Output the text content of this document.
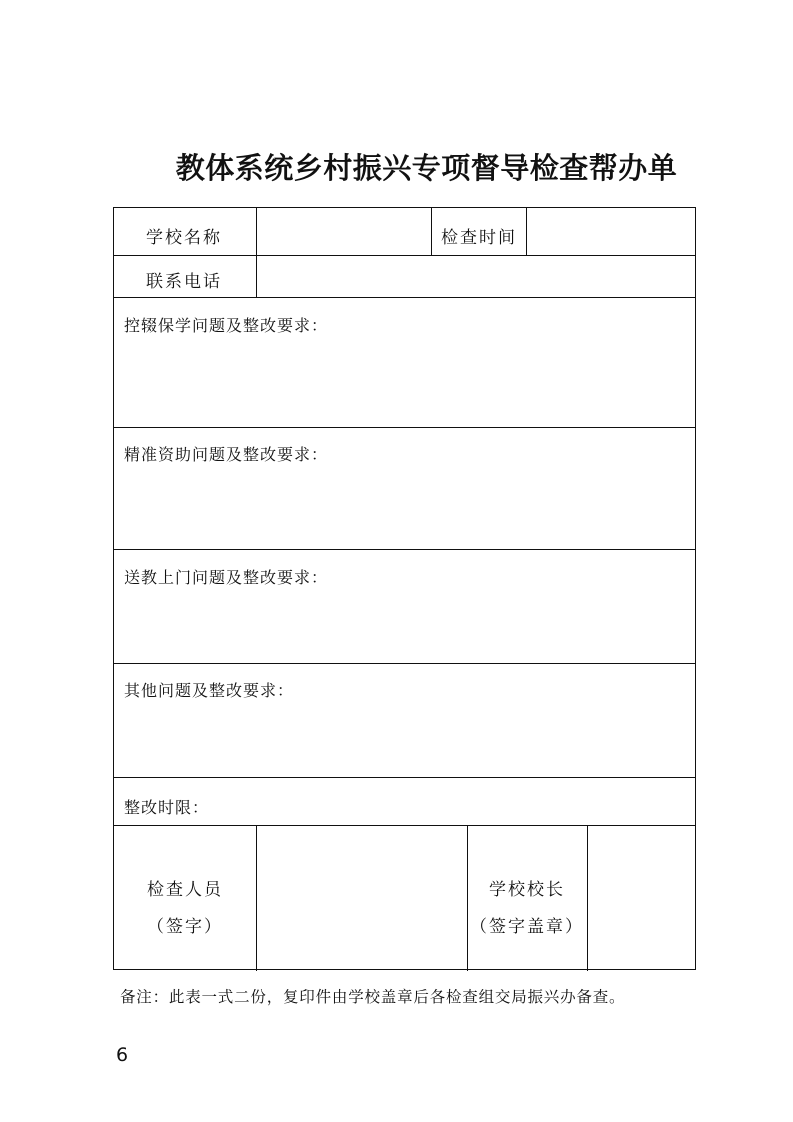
教体系统乡村振兴专项督导检查帮办单
学校名称	检查时间
联系电话
控辍保学问题及整改要求：
精准资助问题及整改要求：
送教上门问题及整改要求：
其他问题及整改要求：
整改时限：
检查人员
（签字）
学校校长
（签字盖章）
备注：此表一式二份，复印件由学校盖章后各检查组交局振兴办备查。
6
